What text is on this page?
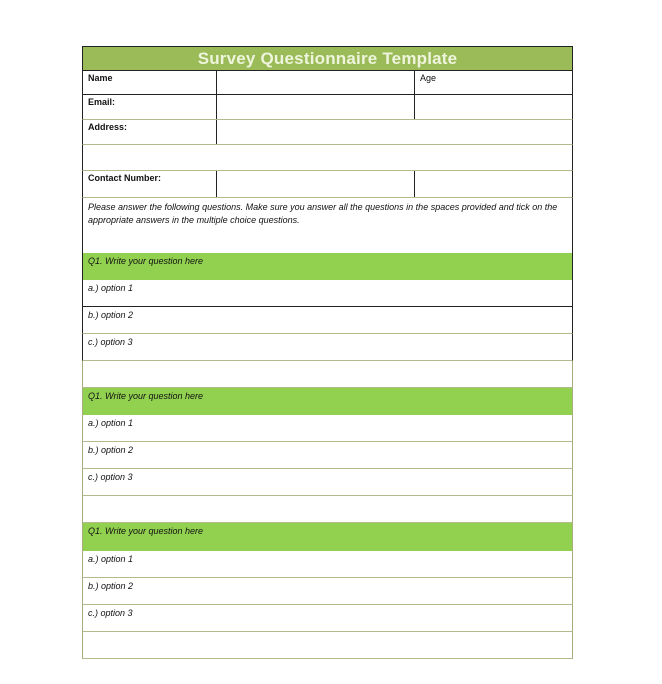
Survey Questionnaire Template
Name	Age
Email:
Address:
Contact Number:
Please answer the following questions. Make sure you answer all the questions in the spaces provided and tick on the appropriate answers in the multiple choice questions.
Q1. Write your question here
a.) option 1
b.) option 2
c.) option 3
Q1. Write your question here
a.) option 1
b.) option 2
c.) option 3
Q1. Write your question here
a.) option 1
b.) option 2
c.) option 3
